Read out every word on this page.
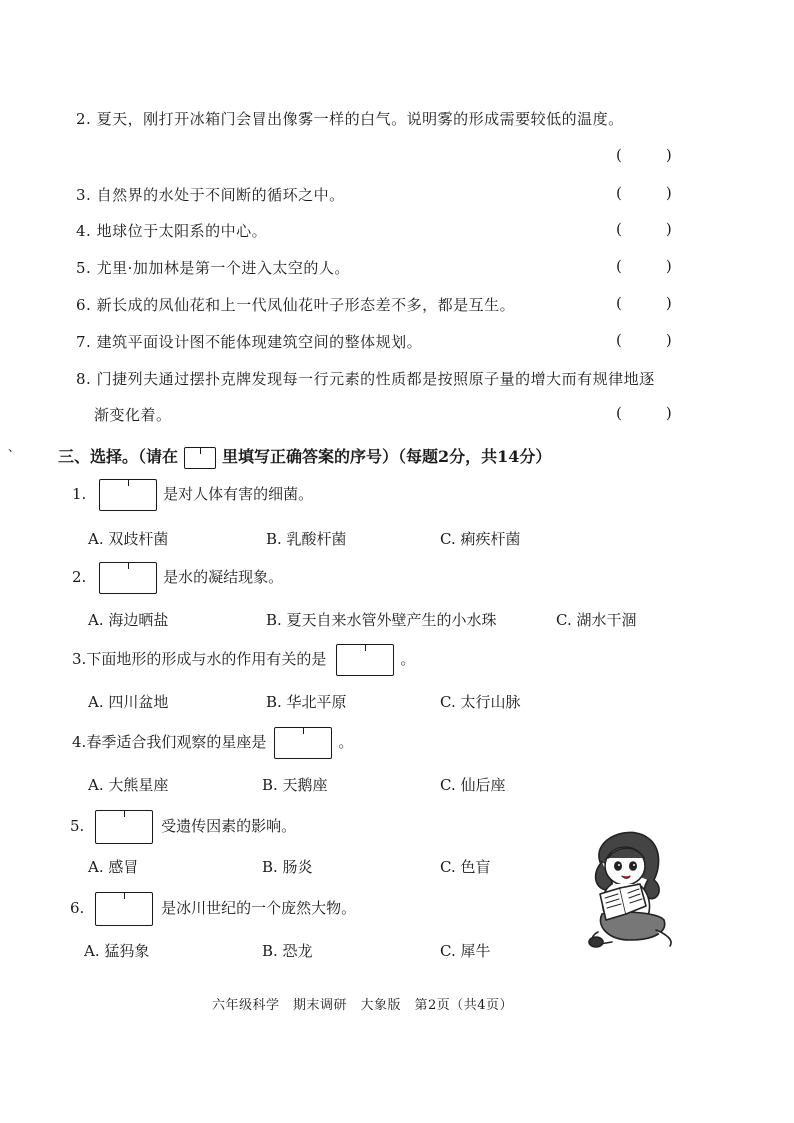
2. 夏天，刚打开冰箱门会冒出像雾一样的白气。说明雾的形成需要较低的温度。
(	)
3. 自然界的水处于不间断的循环之中。	(	)
4. 地球位于太阳系的中心。	(	)
5. 尤里·加加林是第一个进入太空的人。	(	)
6. 新长成的凤仙花和上一代凤仙花叶子形态差不多，都是互生。	(	)
7. 建筑平面设计图不能体现建筑空间的整体规划。	(	)
8. 门捷列夫通过摆扑克牌发现每一行元素的性质都是按照原子量的增大而有规律地逐
渐变化着。	(	)
、 三、选择。（请在	里填写正确答案的序号）（每题2分，共14分）
1.	是对人体有害的细菌。
A. 双歧杆菌	B. 乳酸杆菌	C. 痢疾杆菌
2.	是水的凝结现象。
A. 海边晒盐	B. 夏天自来水管外壁产生的小水珠	C. 湖水干涸
3.下面地形的形成与水的作用有关的是	。
A. 四川盆地	B. 华北平原	C. 太行山脉
4.春季适合我们观察的星座是	。
A. 大熊星座	B. 天鹅座	C. 仙后座
5.	受遗传因素的影响。
A. 感冒	B. 肠炎	C. 色盲
6.	是冰川世纪的一个庞然大物。
A. 猛犸象	B. 恐龙	C. 犀牛
六年级科学　期末调研　大象版　第2页（共4页）
